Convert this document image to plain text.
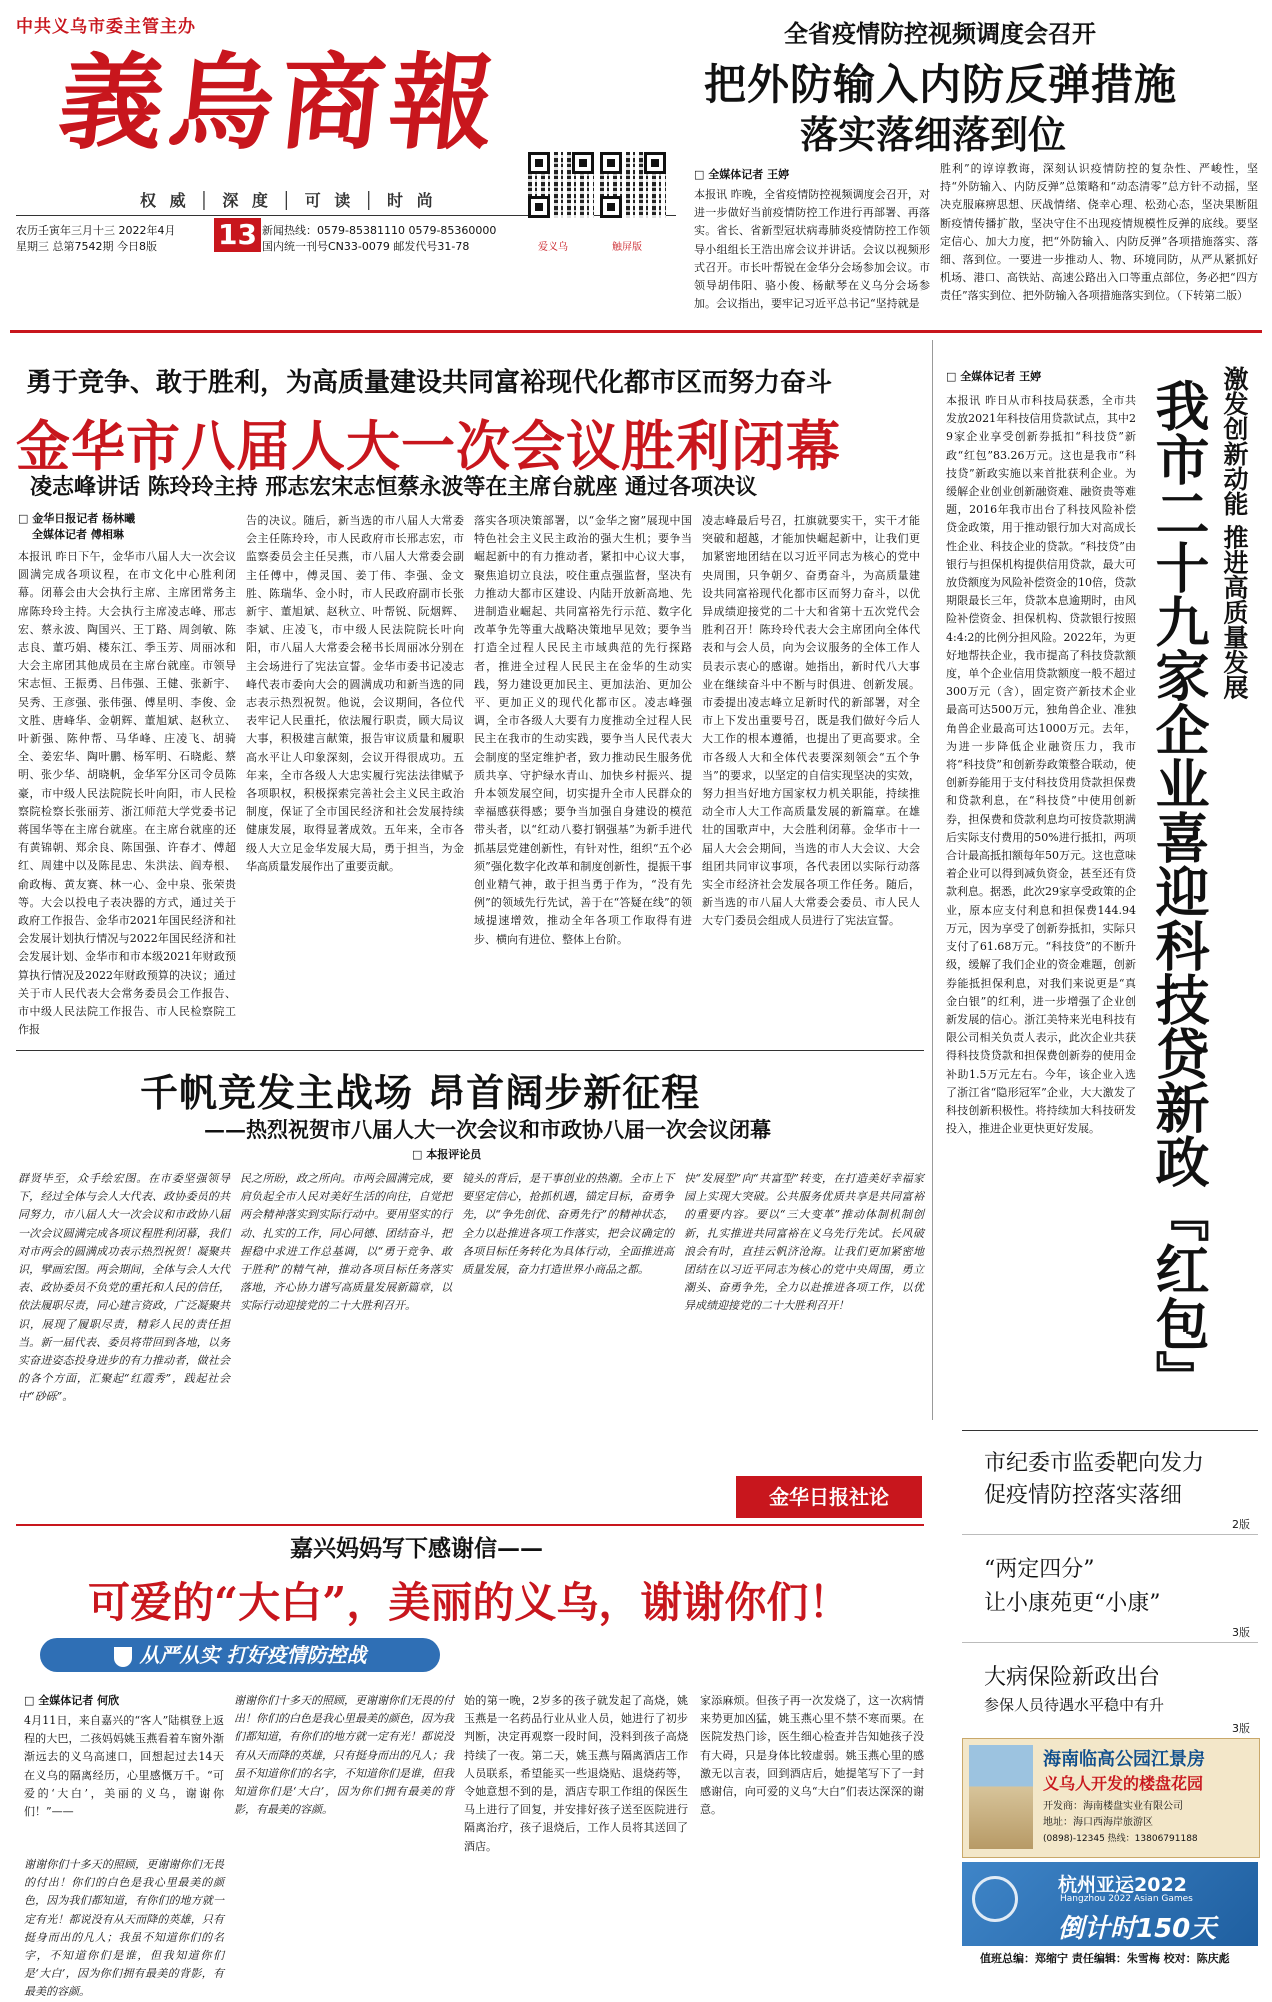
中共义乌市委主管主办
義烏商報
权 威 │ 深 度 │ 可 读 │ 时 尚
农历壬寅年三月十三 2022年4月
星期三 总第7542期 今日8版 13 新闻热线：0579-85381110 0579-85360000
国内统一刊号CN33-0079 邮发代号31-78	爱义乌	触屏版
全省疫情防控视频调度会召开
把外防输入内防反弹措施
落实落细落到位
□ 全媒体记者 王婷
本报讯 昨晚，全省疫情防控视频调度会召开，对进一步做好当前疫情防控工作进行再部署、再落实。省长、省新型冠状病毒肺炎疫情防控工作领导小组组长王浩出席会议并讲话。会议以视频形式召开。市长叶帮锐在金华分会场参加会议。市领导胡伟阳、骆小俊、杨献琴在义乌分会场参加。会议指出，要牢记习近平总书记“坚持就是
胜利”的谆谆教诲，深刻认识疫情防控的复杂性、严峻性，坚持“外防输入、内防反弹”总策略和“动态清零”总方针不动摇，坚决克服麻痹思想、厌战情绪、侥幸心理、松劲心态，坚决果断阻断疫情传播扩散，坚决守住不出现疫情规模性反弹的底线。要坚定信心、加大力度，把“外防输入、内防反弹”各项措施落实、落细、落到位。一要进一步推动人、物、环境同防，从严从紧抓好机场、港口、高铁站、高速公路出入口等重点部位，务必把“四方责任”落实到位、把外防输入各项措施落实到位。（下转第二版）
勇于竞争、敢于胜利，为高质量建设共同富裕现代化都市区而努力奋斗
金华市八届人大一次会议胜利闭幕
凌志峰讲话 陈玲玲主持 邢志宏宋志恒蔡永波等在主席台就座 通过各项决议
□ 金华日报记者 杨林曦
全媒体记者 傅相琳
本报讯 昨日下午，金华市八届人大一次会议圆满完成各项议程，在市文化中心胜利闭幕。闭幕会由大会执行主席、主席团常务主席陈玲玲主持。大会执行主席凌志峰、邢志宏、蔡永波、陶国兴、王丁路、周剑敏、陈志良、董巧娟、楼东江、季玉芳、周丽冰和大会主席团其他成员在主席台就座。市领导宋志恒、王振勇、吕伟强、王健、张新宇、吴秀、王彦强、张伟强、傅星明、李俊、金文胜、唐峰华、金朝辉、董旭斌、赵秋立、叶新强、陈仲帮、马华峰、庄凌飞、胡骑全、姜宏华、陶叶鹏、杨军明、石晓彪、蔡明、张少华、胡晓帆，金华军分区司令员陈豪，市中级人民法院院长叶向阳，市人民检察院检察长张丽芳、浙江师范大学党委书记蒋国华等在主席台就座。在主席台就座的还有黄锦朝、郑余良、陈国强、许春才、傅超红、周建中以及陈昆忠、朱洪法、阎寿根、俞政梅、黄友赛、林一心、金中泉、张荣贵等。大会以投电子表决器的方式，通过关于政府工作报告、金华市2021年国民经济和社会发展计划执行情况与2022年国民经济和社会发展计划、金华市和市本级2021年财政预算执行情况及2022年财政预算的决议；通过关于市人民代表大会常务委员会工作报告、市中级人民法院工作报告、市人民检察院工作报
告的决议。随后，新当选的市八届人大常委会主任陈玲玲，市人民政府市长邢志宏，市监察委员会主任吴燕，市八届人大常委会副主任傅中，傅灵国、姜丁伟、李强、金文胜、陈瑞华、金小时，市人民政府副市长张新宇、董旭斌、赵秋立、叶帮锐、阮烟辉、李斌、庄凌飞，市中级人民法院院长叶向阳，市八届人大常委会秘书长周丽冰分别在主会场进行了宪法宣誓。金华市委书记凌志峰代表市委向大会的圆满成功和新当选的同志表示热烈祝贺。他说，会议期间，各位代表牢记人民重托，依法履行职责，顾大局议大事，积极建言献策，报告审议质量和履职高水平让人印象深刻，会议开得很成功。五年来，全市各级人大忠实履行宪法法律赋予各项职权，积极探索完善社会主义民主政治制度，保证了全市国民经济和社会发展持续健康发展，取得显著成效。五年来，全市各级人大立足金华发展大局，勇于担当，为金华高质量发展作出了重要贡献。
落实各项决策部署，以“金华之窗”展现中国特色社会主义民主政治的强大生机；要争当崛起新中的有力推动者，紧扣中心议大事，聚焦追切立良法，咬住重点强监督，坚决有力推动大都市区建设、内陆开放新高地、先进制造业崛起、共同富裕先行示范、数字化改革争先等重大战略决策地早见效；要争当打造全过程人民民主市域典范的先行探路者，推进全过程人民民主在金华的生动实践，努力建设更加民主、更加法治、更加公平、更加正义的现代化都市区。凌志峰强调，全市各级人大要有力度推动全过程人民民主在我市的生动实践，要争当人民代表大会制度的坚定维护者，致力推动民生服务优质共享、守护绿水青山、加快乡村振兴、提升本领发展空间，切实提升全市人民群众的幸福感获得感；要争当加强自身建设的模范带头者，以“红动八婺打钢强基”为新手进代抓基层党建创新性，有针对性，组织“五个必须”强化数字化改革和制度创新性，提振干事创业精气神，敢于担当勇于作为，“没有先例”的领域先行先试，善于在“答疑在线”的领域提速增效，推动全年各项工作取得有进步、横向有进位、整体上台阶。
凌志峰最后号召，扛旗就要实干，实干才能突破和超越，才能加快崛起新中，让我们更加紧密地团结在以习近平同志为核心的党中央周围，只争朝夕、奋勇奋斗，为高质量建设共同富裕现代化都市区而努力奋斗，以优异成绩迎接党的二十大和省第十五次党代会胜利召开！陈玲玲代表大会主席团向全体代表和与会人员，向为会议服务的全体工作人员表示衷心的感谢。她指出，新时代八大事业在继续奋斗中不断与时俱进、创新发展。市委提出凌志峰立足新时代的新部署，对全市上下发出重要号召，既是我们做好今后人大工作的根本遵循，也提出了更高要求。全市各级人大和全体代表要深刻领会“五个争当”的要求，以坚定的自信实现坚决的实效，努力担当好地方国家权力机关职能，持续推动全市人大工作高质量发展的新篇章。在雄壮的国歌声中，大会胜利闭幕。金华市十一届人大会会期间，当选的市人大会议、大会组团共同审议事项，各代表团以实际行动落实全市经济社会发展各项工作任务。随后，新当选的市八届人大常委会委员、市人民人大专门委员会组成人员进行了宪法宣誓。
□ 全媒体记者 王婷	激发创新动能 推进高质量发展
我市二十九家企业喜迎科技贷新政『红包』
本报讯 昨日从市科技局获悉，全市共发放2021年科技信用贷款试点，其中29家企业享受创新券抵扣“科技贷”新政“红包”83.26万元。这也是我市“科技贷”新政实施以来首批获利企业。为缓解企业创业创新融资难、融资贵等难题，2016年我市出台了科技风险补偿贷金政策，用于推动银行加大对高成长性企业、科技企业的贷款。“科技贷”由银行与担保机构提供信用贷款，最大可放贷额度为风险补偿资金的10倍，贷款期限最长三年，贷款本息逾期时，由风险补偿资金、担保机构、贷款银行按照4:4:2的比例分担风险。2022年，为更好地帮扶企业，我市提高了科技贷款额度，单个企业信用贷款额度一般不超过300万元（含），固定资产新技术企业最高可达500万元，独角兽企业、准独角兽企业最高可达1000万元。去年，为进一步降低企业融资压力，我市将“科技贷”和创新券政策整合联动，使创新券能用于支付科技贷用贷款担保费和贷款利息，在“科技贷”中使用创新券，担保费和贷款利息均可按贷款期满后实际支付费用的50%进行抵扣，两项合计最高抵扣额每年50万元。这也意味着企业可以得到减负资金，甚至还有贷款利息。据悉，此次29家享受政策的企业，原本应支付利息和担保费144.94万元，因为享受了创新券抵扣，实际只支付了61.68万元。“科技贷”的不断升级，缓解了我们企业的资金难题，创新券能抵担保利息，对我们来说更是“真金白银”的红利，进一步增强了企业创新发展的信心。浙江美特来光电科技有限公司相关负责人表示，此次企业共获得科技贷贷款和担保费创新券的使用金补助1.5万元左右。今年，该企业入选了浙江省“隐形冠军”企业，大大激发了科技创新积极性。将持续加大科技研发投入，推进企业更快更好发展。
千帆竞发主战场 昂首阔步新征程
——热烈祝贺市八届人大一次会议和市政协八届一次会议闭幕
□ 本报评论员
群贤毕至，众手绘宏图。在市委坚强领导下，经过全体与会人大代表、政协委员的共同努力，市八届人大一次会议和市政协八届一次会议圆满完成各项议程胜利闭幕，我们对市两会的圆满成功表示热烈祝贺！凝聚共识，擘画宏图。两会期间，全体与会人大代表、政协委员不负党的重托和人民的信任，依法履职尽责，同心建言资政，广泛凝聚共识，展现了履职尽责，精彩人民的责任担当。新一届代表、委员将带回到各地，以务实奋进姿态投身进步的有力推动者，做社会的各个方面，汇聚起“红霞秀”，践起社会中“砂砾”。
民之所盼，政之所向。市两会圆满完成，要肩负起全市人民对美好生活的向往，自觉把两会精神落实到实际行动中。要用坚实的行动、扎实的工作，同心同德、团结奋斗，把握稳中求进工作总基调，以“勇于竞争、敢于胜利”的精气神，推动各项目标任务落实落地，齐心协力谱写高质量发展新篇章，以实际行动迎接党的二十大胜利召开。
镜头的背后，是干事创业的热潮。全市上下要坚定信心，抢抓机遇，锚定目标，奋勇争先，以“争先创优、奋勇先行”的精神状态，全力以赴推进各项工作落实，把会议确定的各项目标任务转化为具体行动，全面推进高质量发展，奋力打造世界小商品之都。
快“发展型”向“共富型”转变，在打造美好幸福家园上实现大突破。公共服务优质共享是共同富裕的重要内容。要以“三大变革”推动体制机制创新，扎实推进共同富裕在义乌先行先试。长风破浪会有时，直挂云帆济沧海。让我们更加紧密地团结在以习近平同志为核心的党中央周围，勇立潮头、奋勇争先，全力以赴推进各项工作，以优异成绩迎接党的二十大胜利召开！
金华日报社论
嘉兴妈妈写下感谢信——
可爱的“大白”，美丽的义乌，谢谢你们！
从严从实 打好疫情防控战
□ 全媒体记者 何欣
4月11日，来自嘉兴的“客人”陆棋登上返程的大巴，二孩妈妈姚玉燕看着车窗外渐渐远去的义乌高速口，回想起过去14天在义乌的隔离经历，心里感慨万千。“可爱的‘大白’，美丽的义乌，谢谢你们！”——
谢谢你们十多天的照顾，更谢谢你们无畏的付出！你们的白色是我心里最美的颜色，因为我们都知道，有你们的地方就一定有光！都说没有从天而降的英雄，只有挺身而出的凡人；我虽不知道你们的名字，不知道你们是谁，但我知道你们是‘大白’，因为你们拥有最美的背影，有最美的容颜。
谢谢你们十多天的照顾，更谢谢你们无畏的付出！你们的白色是我心里最美的颜色，因为我们都知道，有你们的地方就一定有光！都说没有从天而降的英雄，只有挺身而出的凡人；我虽不知道你们的名字，不知道你们是谁，但我知道你们是‘大白’，因为你们拥有最美的背影，有最美的容颜。
始的第一晚，2岁多的孩子就发起了高烧，姚玉燕是一名药品行业从业人员，她进行了初步判断，决定再观察一段时间，没料到孩子高烧持续了一夜。第二天，姚玉燕与隔离酒店工作人员联系，希望能买一些退烧贴、退烧药等，令她意想不到的是，酒店专职工作组的保医生马上进行了回复，并安排好孩子送至医院进行隔离治疗，孩子退烧后，工作人员将其送回了酒店。
家添麻烦。但孩子再一次发烧了，这一次病情来势更加凶猛，姚玉燕心里不禁不寒而栗。在医院发热门诊，医生细心检查并告知她孩子没有大碍，只是身体比较虚弱。姚玉燕心里的感激无以言表，回到酒店后，她提笔写下了一封感谢信，向可爱的义乌“大白”们表达深深的谢意。
市纪委市监委靶向发力
促疫情防控落实落细
2版
“两定四分”
让小康苑更“小康”
3版
大病保险新政出台
参保人员待遇水平稳中有升
3版
海南临高公园江景房
义乌人开发的楼盘花园
开发商：海南楼盘实业有限公司
地址：海口西海岸旅游区
(0898)-12345 热线：13806791188
杭州亚运2022
Hangzhou 2022 Asian Games
倒计时150天
值班总编：郑缩宁 责任编辑：朱雪梅 校对：陈庆彪
